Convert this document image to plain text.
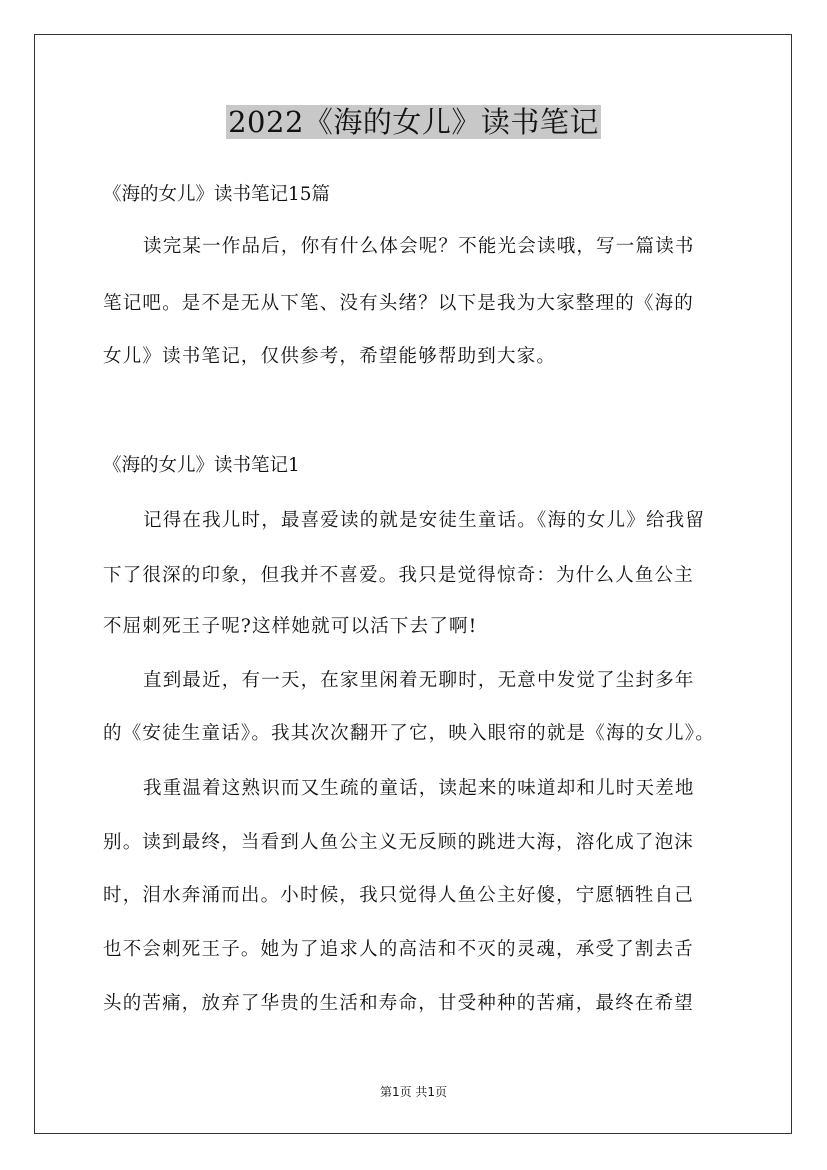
2022《海的女儿》读书笔记
《海的女儿》读书笔记15篇
读完某一作品后，你有什么体会呢？不能光会读哦，写一篇读书
笔记吧。是不是无从下笔、没有头绪？以下是我为大家整理的《海的
女儿》读书笔记，仅供参考，希望能够帮助到大家。
《海的女儿》读书笔记1
记得在我儿时，最喜爱读的就是安徒生童话。《海的女儿》给我留
下了很深的印象，但我并不喜爱。我只是觉得惊奇：为什么人鱼公主
不屈刺死王子呢?这样她就可以活下去了啊!
直到最近，有一天，在家里闲着无聊时，无意中发觉了尘封多年
的《安徒生童话》。我其次次翻开了它，映入眼帘的就是《海的女儿》。
我重温着这熟识而又生疏的童话，读起来的味道却和儿时天差地
别。读到最终，当看到人鱼公主义无反顾的跳进大海，溶化成了泡沫
时，泪水奔涌而出。小时候，我只觉得人鱼公主好傻，宁愿牺牲自己
也不会刺死王子。她为了追求人的高洁和不灭的灵魂，承受了割去舌
头的苦痛，放弃了华贵的生活和寿命，甘受种种的苦痛，最终在希望
第1页 共1页
